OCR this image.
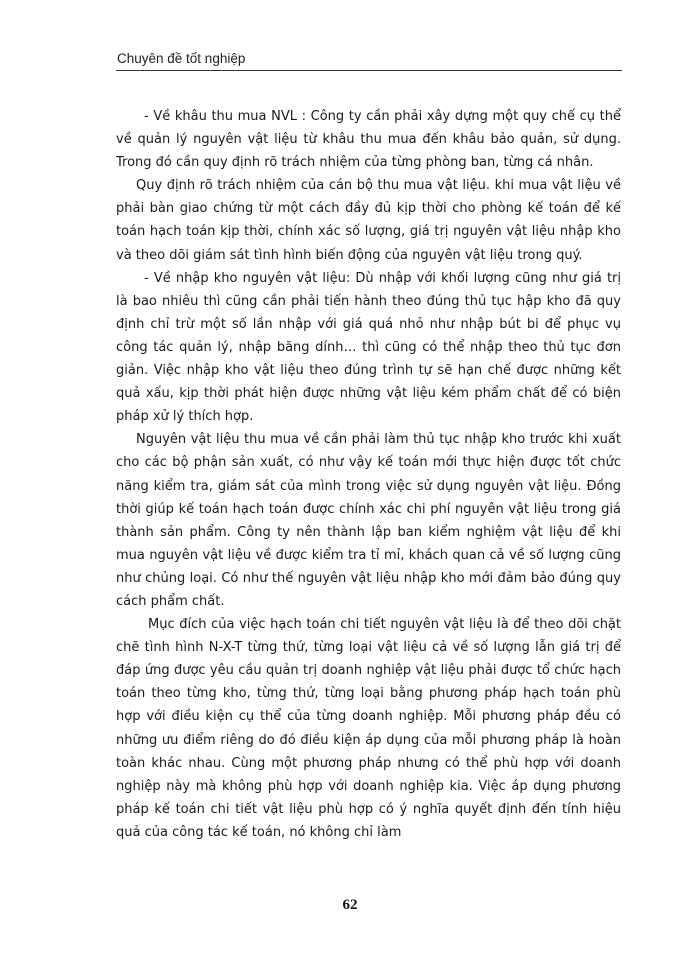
Chuyên đề tốt nghiệp

- Về khâu thu mua NVL : Công ty cần phải xây dựng một quy chế cụ thể về quản lý nguyên vật liệu từ khâu thu mua đến khâu bảo quản, sử dụng. Trong đó cần quy định rõ trách nhiệm của từng phòng ban, từng cá nhân.

Quy định rõ trách nhiệm của cán bộ thu mua vật liệu. khi mua vật liệu về phải bàn giao chứng từ một cách đầy đủ kịp thời cho phòng kế toán để kế toán hạch toán kịp thời, chính xác số lượng, giá trị nguyên vật liệu nhập kho và theo dõi giám sát tình hình biến động của nguyên vật liệu trong quý.

- Về nhập kho nguyên vật liệu: Dù nhập với khối lượng cũng như giá trị là bao nhiêu thì cũng cần phải tiến hành theo đúng thủ tục hập kho đã quy định chỉ trừ một số lần nhập với giá quá nhỏ như nhập bút bi để phục vụ công tác quản lý, nhập băng dính… thì cũng có thể nhập theo thủ tục đơn giản. Việc nhập kho vật liệu theo đúng trình tự sẽ hạn chế được những kết quả xấu, kịp thời phát hiện được những vật liệu kém phẩm chất để có biện pháp xử lý thích hợp.

Nguyên vật liệu thu mua về cần phải làm thủ tục nhập kho trước khi xuất cho các bộ phận sản xuất, có như vậy kế toán mới thực hiện được tốt chức năng kiểm tra, giám sát của mình trong việc sử dụng nguyên vật liệu. Đồng thời giúp kế toán hạch toán được chính xác chi phí nguyên vật liệu trong giá thành sản phẩm. Công ty nên thành lập ban kiểm nghiệm vật liệu để khi mua nguyên vật liệu về được kiểm tra tỉ mỉ, khách quan cả về số lượng cũng như chủng loại. Có như thế nguyên vật liệu nhập kho mới đảm bảo đúng quy cách phẩm chất.

Mục đích của việc hạch toán chi tiết nguyên vật liệu là để theo dõi chặt chẽ tình hình N-X-T từng thứ, từng loại vật liệu cả về số lượng lẫn giá trị để đáp ứng được yêu cầu quản trị doanh nghiệp vật liệu phải được tổ chức hạch toán theo từng kho, từng thứ, từng loại bằng phương pháp hạch toán phù hợp với điều kiện cụ thể của từng doanh nghiệp. Mỗi phương pháp đều có những ưu điểm riêng do đó điều kiện áp dụng của mỗi phương pháp là hoàn toàn khác nhau. Cùng một phương pháp nhưng có thể phù hợp với doanh nghiệp này mà không phù hợp với doanh nghiệp kia. Việc áp dụng phương pháp kế toán chi tiết vật liệu phù hợp có ý nghĩa quyết định đến tính hiệu quả của công tác kế toán, nó không chỉ làm

62
